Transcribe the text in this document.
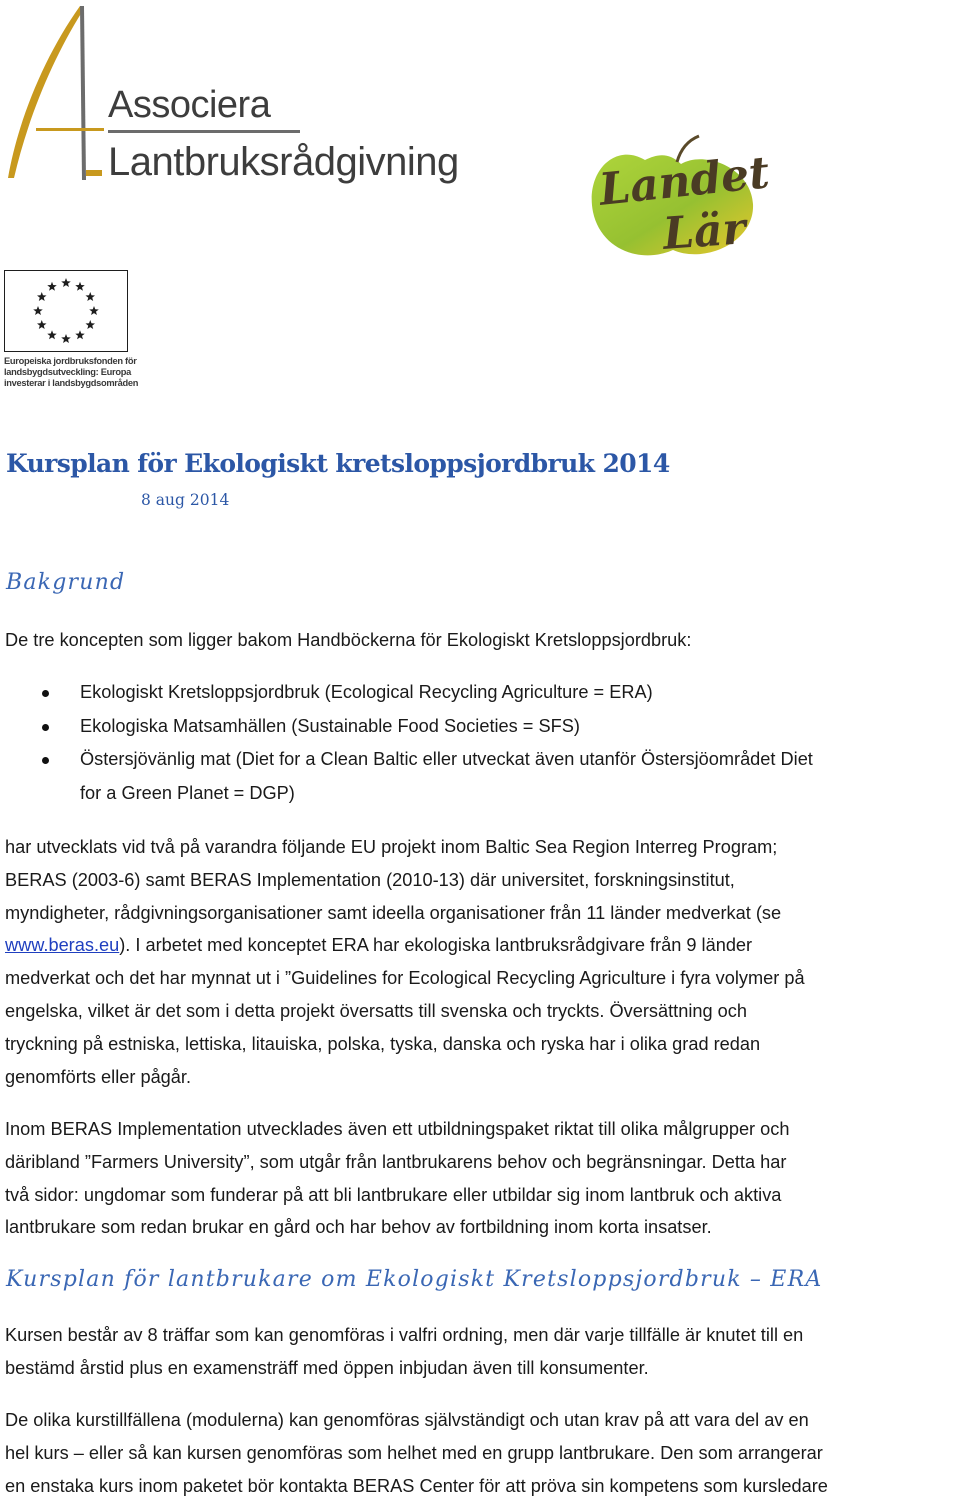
Associera
Lantbruksrådgivning	Landet
Lär
Europeiska jordbruksfonden för
landsbygdsutveckling: Europa
investerar i landsbygdsområden
Kursplan för Ekologiskt kretsloppsjordbruk 2014
8 aug 2014
Bakgrund
De tre koncepten som ligger bakom Handböckerna för Ekologiskt Kretsloppsjordbruk:
Ekologiskt Kretsloppsjordbruk (Ecological Recycling Agriculture = ERA)
Ekologiska Matsamhällen (Sustainable Food Societies = SFS)
Östersjövänlig mat (Diet for a Clean Baltic eller utveckat även utanför Östersjöområdet Diet
for a Green Planet = DGP)
har utvecklats vid två på varandra följande EU projekt inom Baltic Sea Region Interreg Program;
BERAS (2003-6) samt BERAS Implementation (2010-13) där universitet, forskningsinstitut,
myndigheter, rådgivningsorganisationer samt ideella organisationer från 11 länder medverkat (se
www.beras.eu). I arbetet med konceptet ERA har ekologiska lantbruksrådgivare från 9 länder
medverkat och det har mynnat ut i ”Guidelines for Ecological Recycling Agriculture i fyra volymer på
engelska, vilket är det som i detta projekt översatts till svenska och tryckts. Översättning och
tryckning på estniska, lettiska, litauiska, polska, tyska, danska och ryska har i olika grad redan
genomförts eller pågår.
Inom BERAS Implementation utvecklades även ett utbildningspaket riktat till olika målgrupper och
däribland ”Farmers University”, som utgår från lantbrukarens behov och begränsningar. Detta har
två sidor: ungdomar som funderar på att bli lantbrukare eller utbildar sig inom lantbruk och aktiva
lantbrukare som redan brukar en gård och har behov av fortbildning inom korta insatser.
Kursplan för lantbrukare om Ekologiskt Kretsloppsjordbruk – ERA
Kursen består av 8 träffar som kan genomföras i valfri ordning, men där varje tillfälle är knutet till en
bestämd årstid plus en examensträff med öppen inbjudan även till konsumenter.
De olika kurstillfällena (modulerna) kan genomföras självständigt och utan krav på att vara del av en
hel kurs – eller så kan kursen genomföras som helhet med en grupp lantbrukare. Den som arrangerar
en enstaka kurs inom paketet bör kontakta BERAS Center för att pröva sin kompetens som kursledare
